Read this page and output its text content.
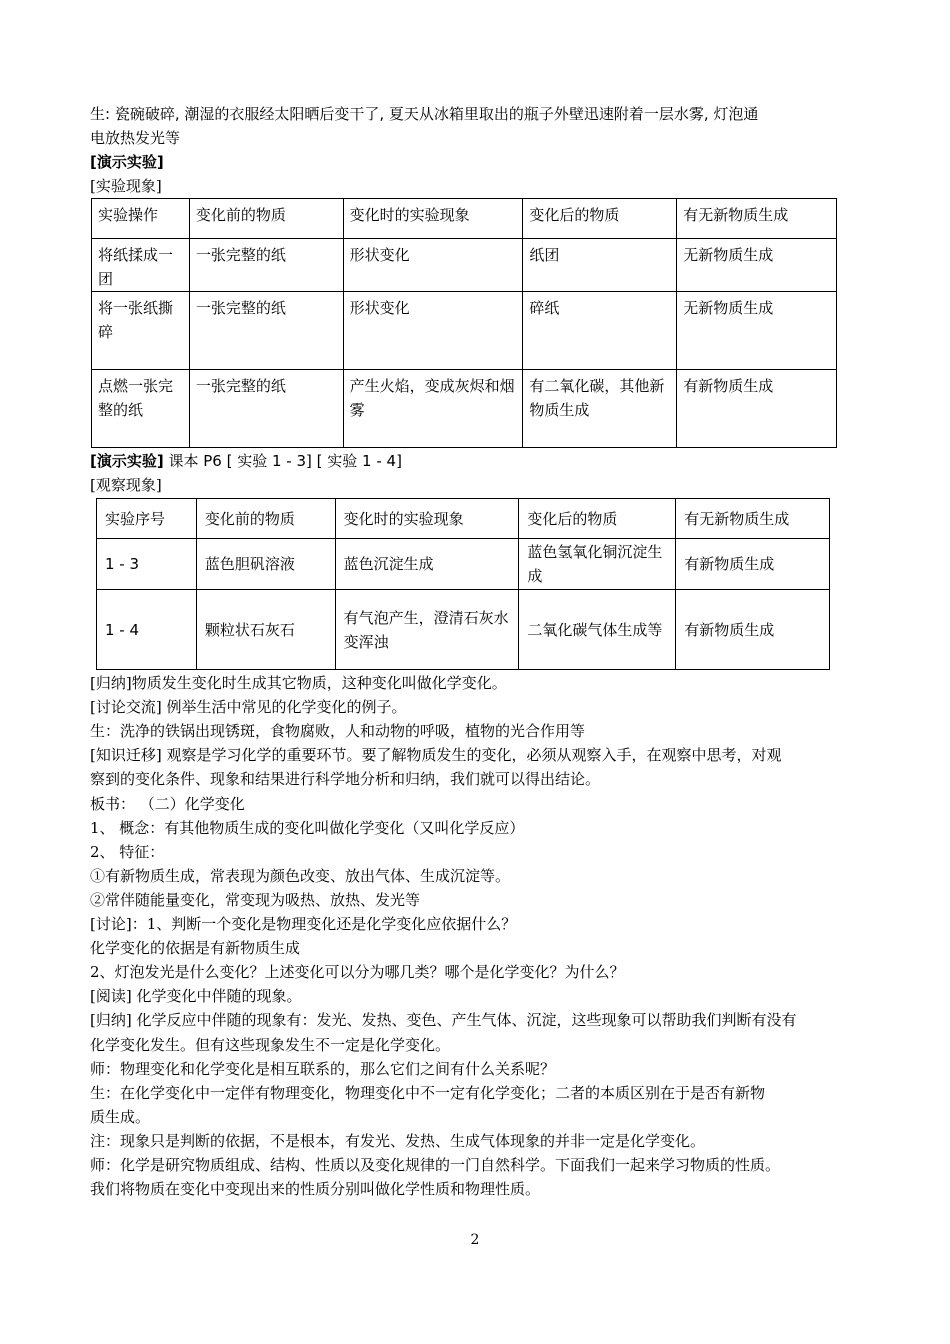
生: 瓷碗破碎, 潮湿的衣服经太阳晒后变干了, 夏天从冰箱里取出的瓶子外壁迅速附着一层水雾, 灯泡通
电放热发光等
[演示实验]
[实验现象]
实验操作	变化前的物质	变化时的实验现象	变化后的物质	有无新物质生成
将纸揉成一团	一张完整的纸	形状变化	纸团	无新物质生成
将一张纸撕碎	一张完整的纸	形状变化	碎纸	无新物质生成
点燃一张完整的纸	一张完整的纸	产生火焰，变成灰烬和烟雾	有二氧化碳，其他新物质生成	有新物质生成
[演示实验] 课本 P6 [ 实验 1 - 3] [ 实验 1 - 4]
[观察现象]
实验序号	变化前的物质	变化时的实验现象	变化后的物质	有无新物质生成
1 - 3	蓝色胆矾溶液	蓝色沉淀生成	蓝色氢氧化铜沉淀生成	有新物质生成
1 - 4	颗粒状石灰石	有气泡产生，澄清石灰水变浑浊	二氧化碳气体生成等	有新物质生成
[归纳]物质发生变化时生成其它物质，这种变化叫做化学变化。
[讨论交流] 例举生活中常见的化学变化的例子。
生：洗净的铁锅出现锈斑，食物腐败，人和动物的呼吸，植物的光合作用等
[知识迁移] 观察是学习化学的重要环节。要了解物质发生的变化，必须从观察入手，在观察中思考，对观
察到的变化条件、现象和结果进行科学地分析和归纳，我们就可以得出结论。
板书： （二）化学变化
1、 概念：有其他物质生成的变化叫做化学变化（又叫化学反应）
2、 特征：
①有新物质生成，常表现为颜色改变、放出气体、生成沉淀等。
②常伴随能量变化，常变现为吸热、放热、发光等
[讨论]：1、判断一个变化是物理变化还是化学变化应依据什么？
化学变化的依据是有新物质生成
2、灯泡发光是什么变化？上述变化可以分为哪几类？哪个是化学变化？为什么？
[阅读] 化学变化中伴随的现象。
[归纳] 化学反应中伴随的现象有：发光、发热、变色、产生气体、沉淀，这些现象可以帮助我们判断有没有
化学变化发生。但有这些现象发生不一定是化学变化。
师：物理变化和化学变化是相互联系的，那么它们之间有什么关系呢？
生：在化学变化中一定伴有物理变化，物理变化中不一定有化学变化；二者的本质区别在于是否有新物
质生成。
注：现象只是判断的依据，不是根本，有发光、发热、生成气体现象的并非一定是化学变化。
师：化学是研究物质组成、结构、性质以及变化规律的一门自然科学。下面我们一起来学习物质的性质。
我们将物质在变化中变现出来的性质分别叫做化学性质和物理性质。
2
